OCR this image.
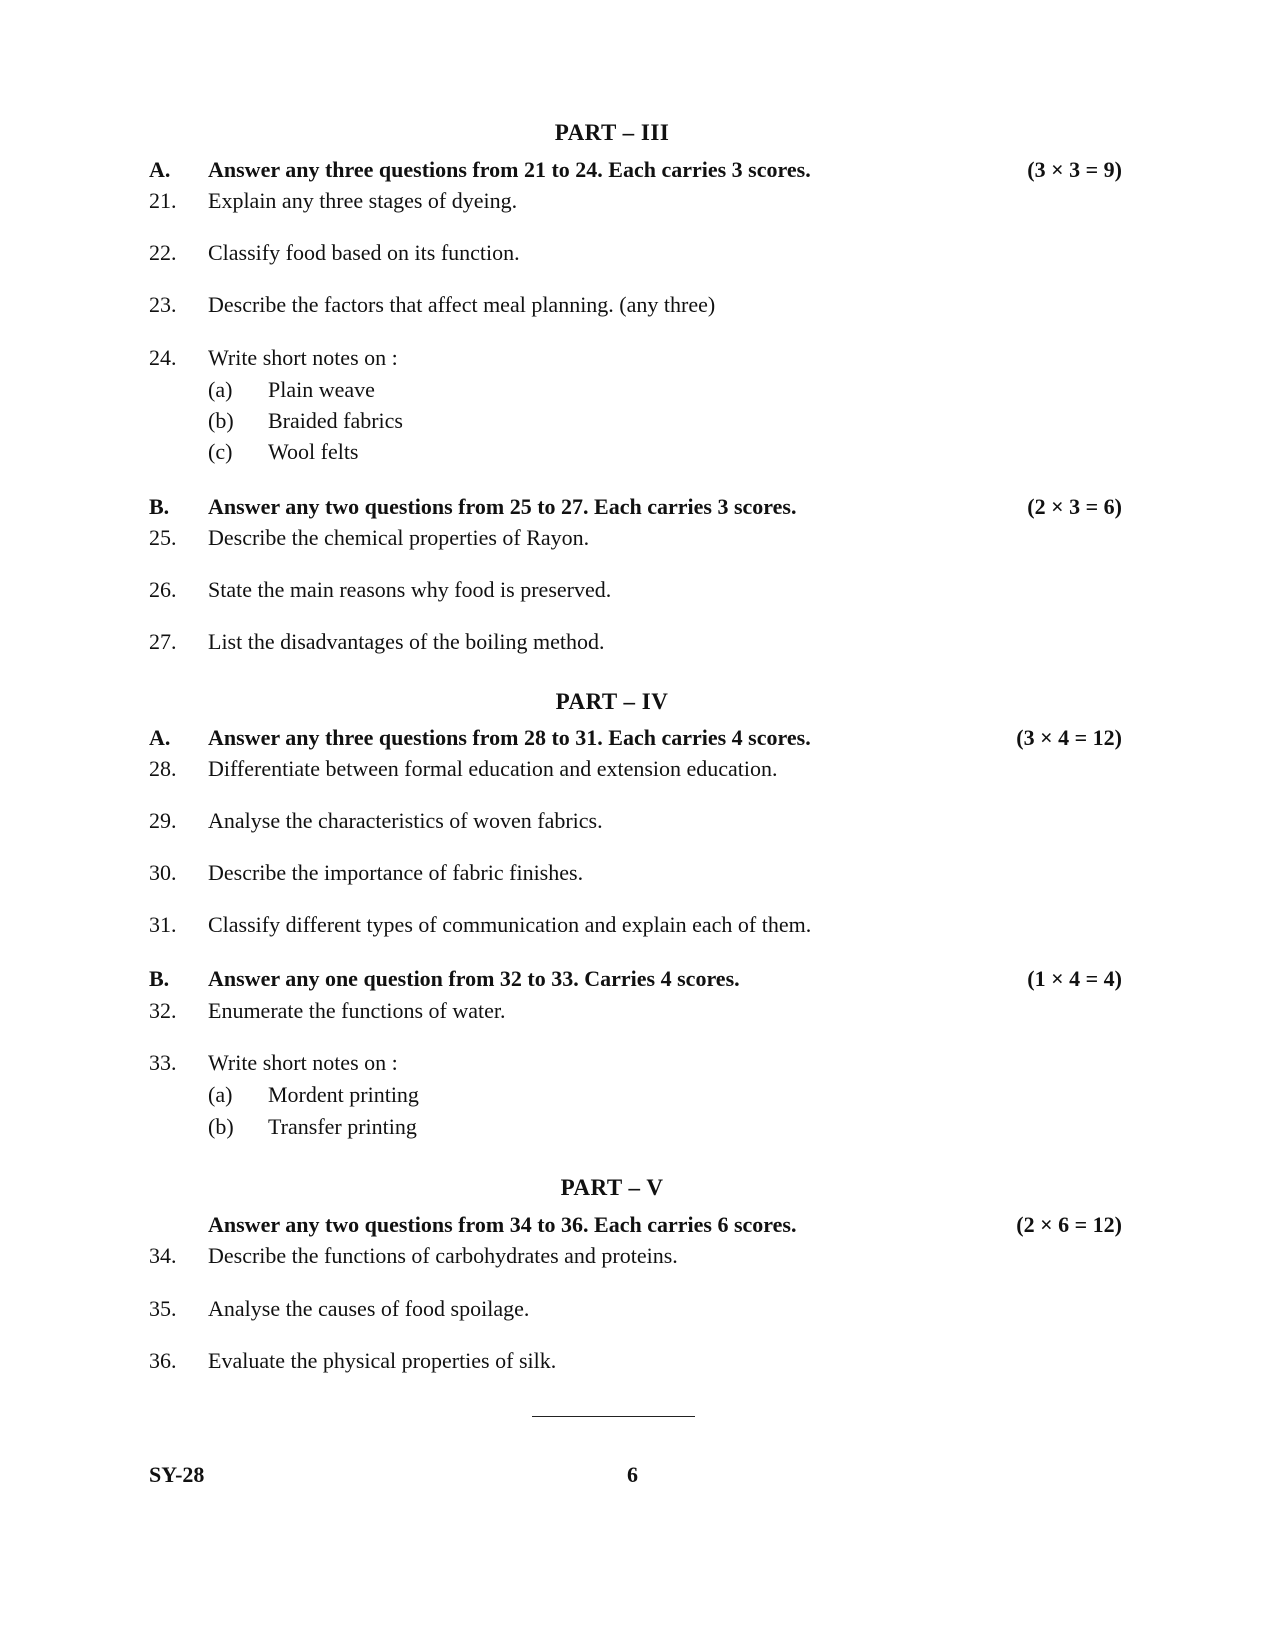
PART – III
A. Answer any three questions from 21 to 24. Each carries 3 scores.	(3 × 3 = 9)
21. Explain any three stages of dyeing.
22. Classify food based on its function.
23. Describe the factors that affect meal planning. (any three)
24. Write short notes on :
(a) Plain weave
(b) Braided fabrics
(c) Wool felts
B. Answer any two questions from 25 to 27. Each carries 3 scores.	(2 × 3 = 6)
25. Describe the chemical properties of Rayon.
26. State the main reasons why food is preserved.
27. List the disadvantages of the boiling method.
PART – IV
A. Answer any three questions from 28 to 31. Each carries 4 scores.	(3 × 4 = 12)
28. Differentiate between formal education and extension education.
29. Analyse the characteristics of woven fabrics.
30. Describe the importance of fabric finishes.
31. Classify different types of communication and explain each of them.
B. Answer any one question from 32 to 33. Carries 4 scores.	(1 × 4 = 4)
32. Enumerate the functions of water.
33. Write short notes on :
(a) Mordent printing
(b) Transfer printing
PART – V
Answer any two questions from 34 to 36. Each carries 6 scores.	(2 × 6 = 12)
34. Describe the functions of carbohydrates and proteins.
35. Analyse the causes of food spoilage.
36. Evaluate the physical properties of silk.
SY-28	6
